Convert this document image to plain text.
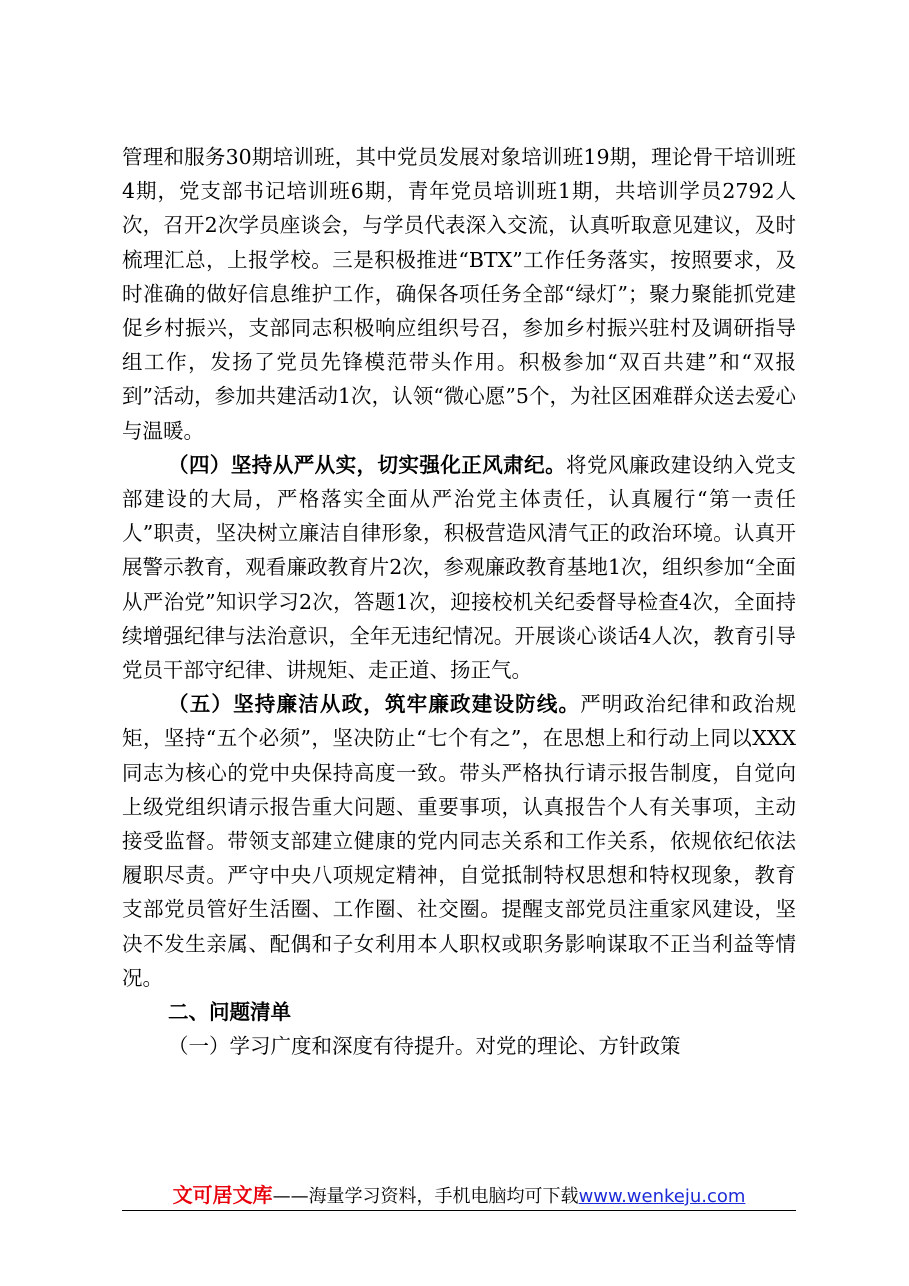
管理和服务30期培训班，其中党员发展对象培训班19期，理论骨干培训班4期，党支部书记培训班6期，青年党员培训班1期，共培训学员2792人次，召开2次学员座谈会，与学员代表深入交流，认真听取意见建议，及时梳理汇总，上报学校。三是积极推进“BTX”工作任务落实，按照要求，及时准确的做好信息维护工作，确保各项任务全部“绿灯”；聚力聚能抓党建促乡村振兴，支部同志积极响应组织号召，参加乡村振兴驻村及调研指导组工作，发扬了党员先锋模范带头作用。积极参加“双百共建”和“双报到”活动，参加共建活动1次，认领“微心愿”5个，为社区困难群众送去爱心与温暖。

（四）坚持从严从实，切实强化正风肃纪。将党风廉政建设纳入党支部建设的大局，严格落实全面从严治党主体责任，认真履行“第一责任人”职责，坚决树立廉洁自律形象，积极营造风清气正的政治环境。认真开展警示教育，观看廉政教育片2次，参观廉政教育基地1次，组织参加“全面从严治党”知识学习2次，答题1次，迎接校机关纪委督导检查4次，全面持续增强纪律与法治意识，全年无违纪情况。开展谈心谈话4人次，教育引导党员干部守纪律、讲规矩、走正道、扬正气。

（五）坚持廉洁从政，筑牢廉政建设防线。严明政治纪律和政治规矩，坚持“五个必须”，坚决防止“七个有之”，在思想上和行动上同以XXX同志为核心的党中央保持高度一致。带头严格执行请示报告制度，自觉向上级党组织请示报告重大问题、重要事项，认真报告个人有关事项，主动接受监督。带领支部建立健康的党内同志关系和工作关系，依规依纪依法履职尽责。严守中央八项规定精神，自觉抵制特权思想和特权现象，教育支部党员管好生活圈、工作圈、社交圈。提醒支部党员注重家风建设，坚决不发生亲属、配偶和子女利用本人职权或职务影响谋取不正当利益等情况。

二、问题清单

（一）学习广度和深度有待提升。对党的理论、方针政策

文可居文库——海量学习资料，手机电脑均可下载www.wenkeju.com
